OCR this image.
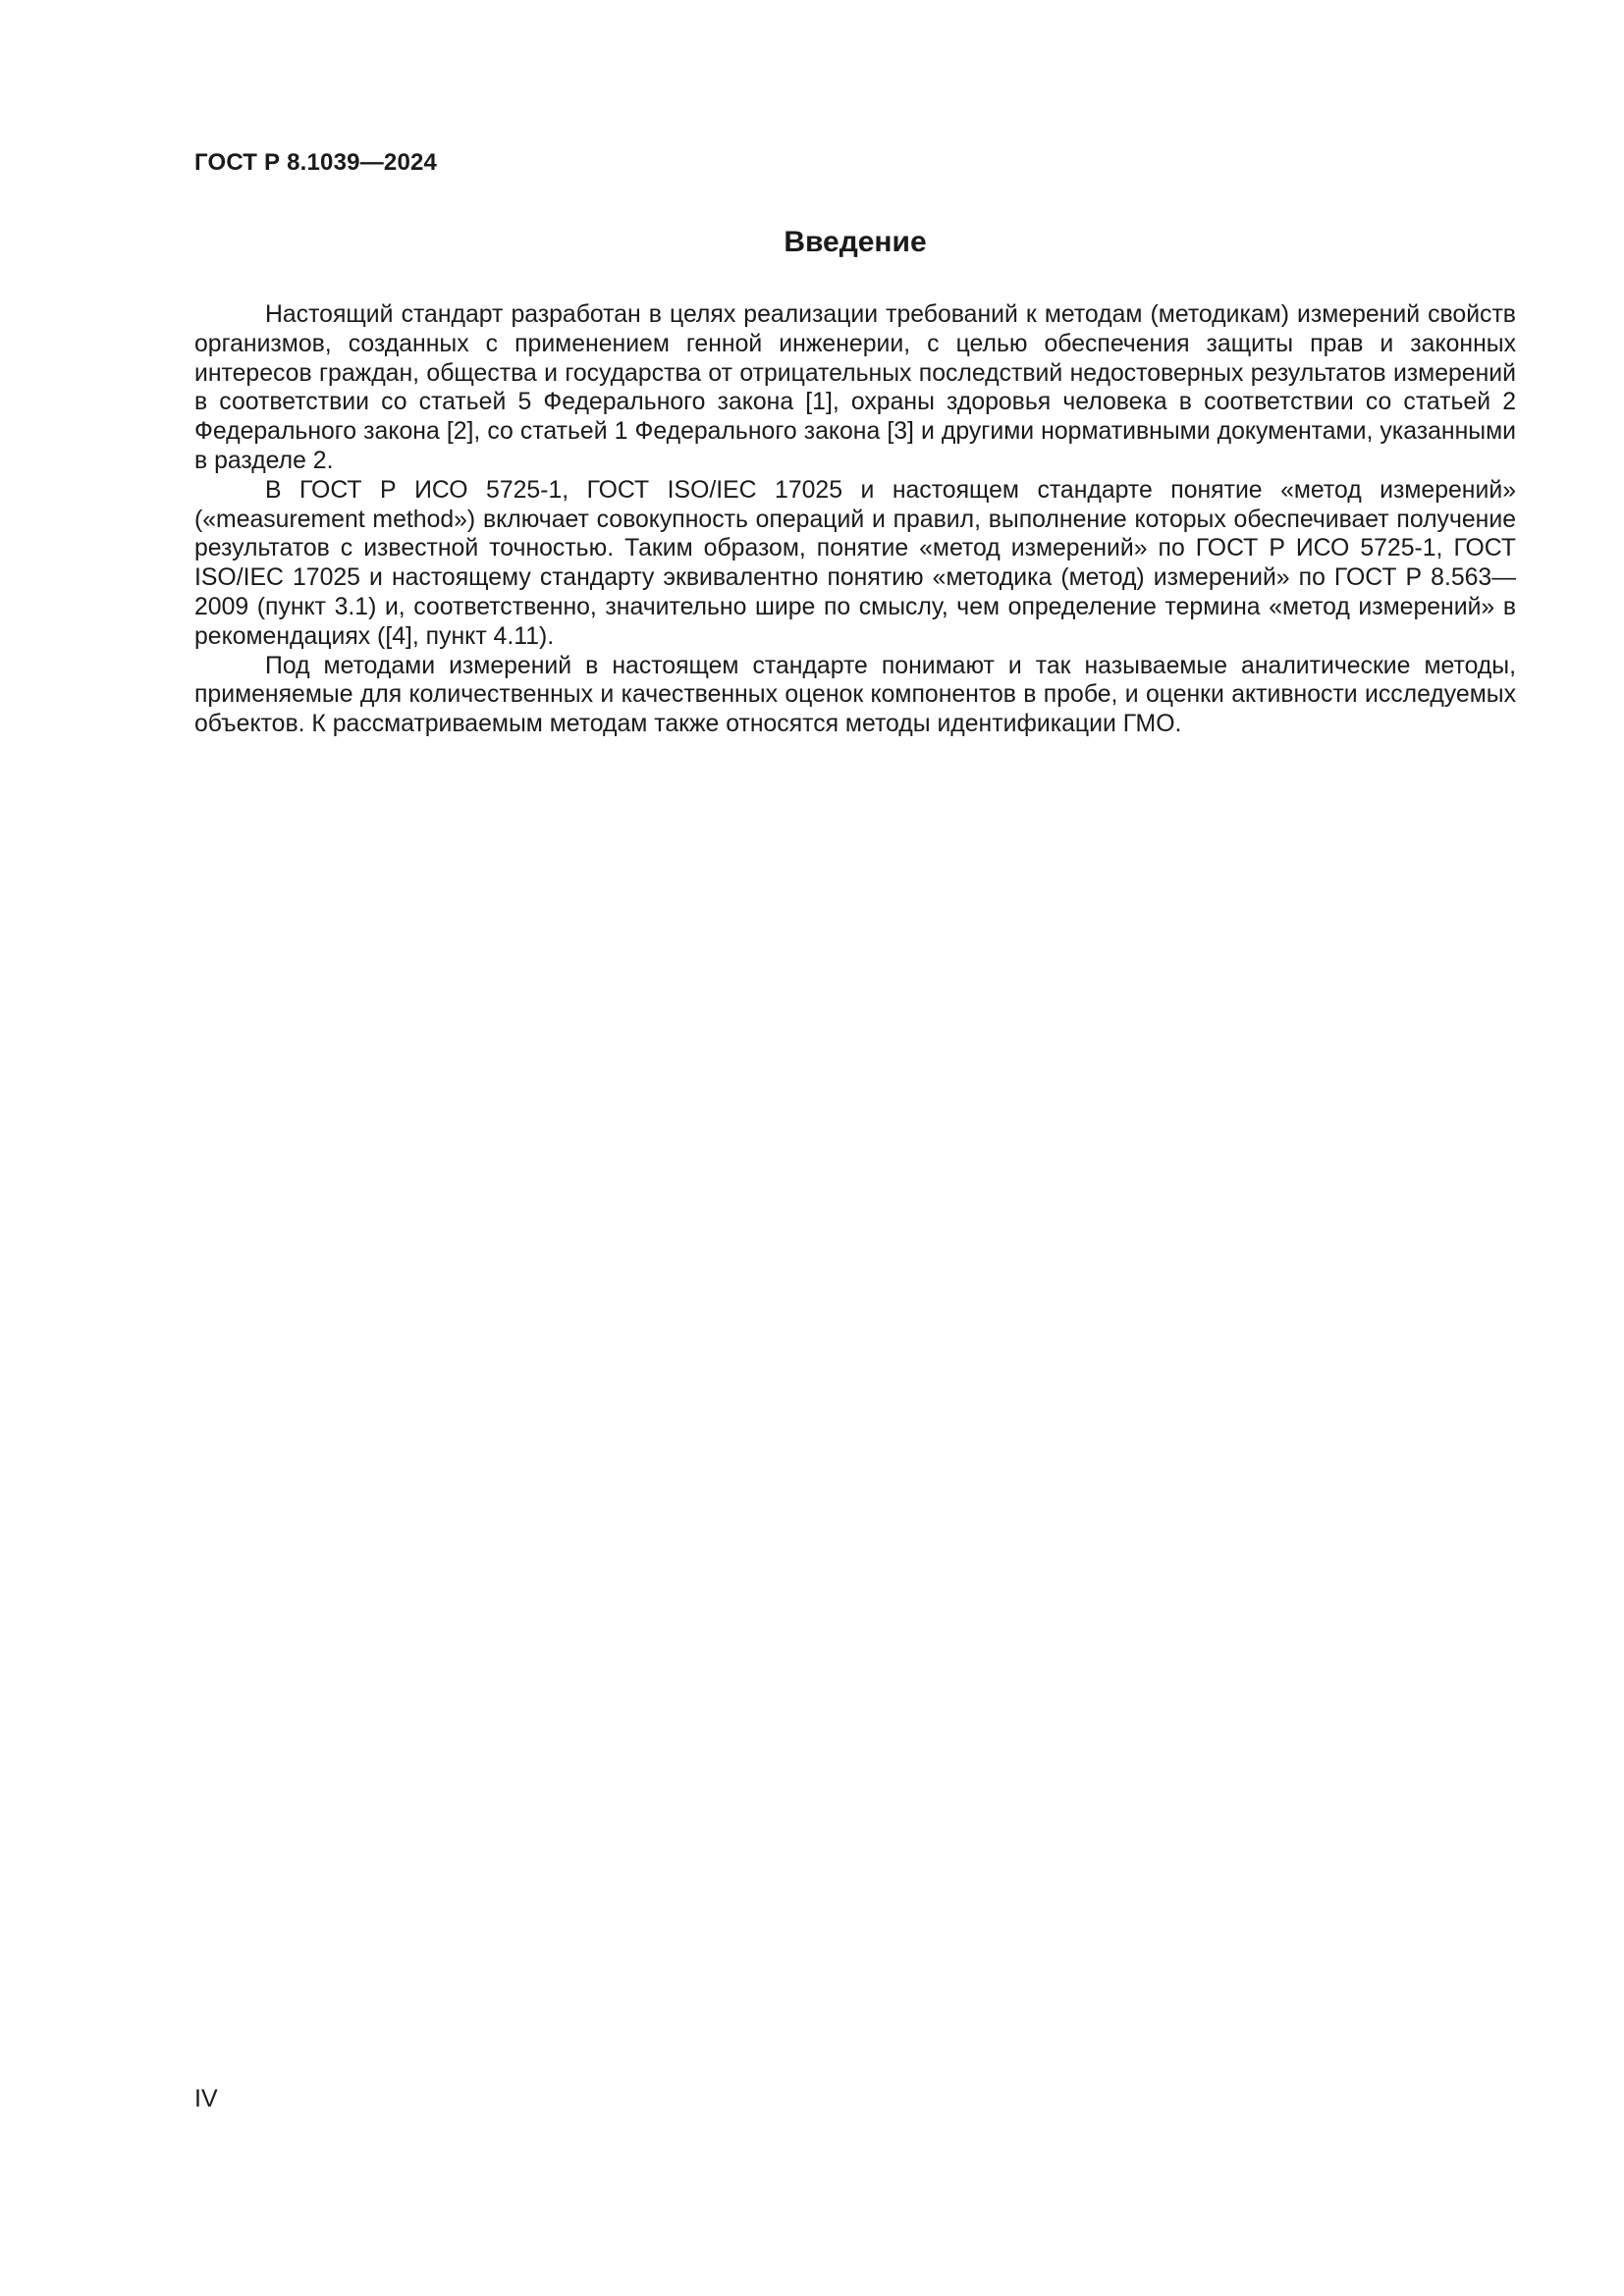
ГОСТ Р 8.1039—2024
Введение

Настоящий стандарт разработан в целях реализации требований к методам (методикам) измерений свойств организмов, созданных с применением генной инженерии, с целью обеспечения защиты прав и законных интересов граждан, общества и государства от отрицательных последствий недостоверных результатов измерений в соответствии со статьей 5 Федерального закона [1], охраны здоровья человека в соответствии со статьей 2 Федерального закона [2], со статьей 1 Федерального закона [3] и другими нормативными документами, указанными в разделе 2.

В ГОСТ Р ИСО 5725-1, ГОСТ ISO/IEC 17025 и настоящем стандарте понятие «метод измерений» («measurement method») включает совокупность операций и правил, выполнение которых обеспечивает получение результатов с известной точностью. Таким образом, понятие «метод измерений» по ГОСТ Р ИСО 5725-1, ГОСТ ISO/IEC 17025 и настоящему стандарту эквивалентно понятию «методика (метод) измерений» по ГОСТ Р 8.563—2009 (пункт 3.1) и, соответственно, значительно шире по смыслу, чем определение термина «метод измерений» в рекомендациях ([4], пункт 4.11).

Под методами измерений в настоящем стандарте понимают и так называемые аналитические методы, применяемые для количественных и качественных оценок компонентов в пробе, и оценки активности исследуемых объектов. К рассматриваемым методам также относятся методы идентификации ГМО.

IV
